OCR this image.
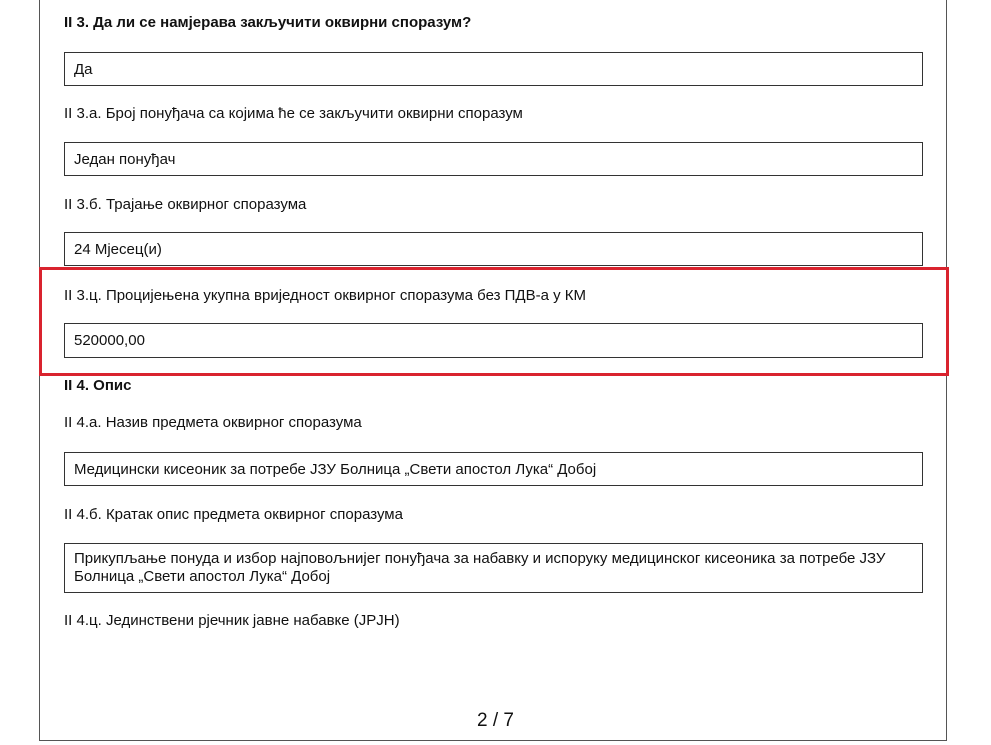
II 3. Да ли се намјерава закључити оквирни споразум?
Да
II 3.а. Број понуђача са којима ће се закључити оквирни споразум
Један понуђач
II 3.б. Трајање оквирног споразума
24 Мјесец(и)
II 3.ц. Процијењена укупна вриједност оквирног споразума без ПДВ-а у КМ
520000,00
II 4. Опис
II 4.а. Назив предмета оквирног споразума
Медицински кисеоник за потребе ЈЗУ Болница „Свети апостол Лука“ Добој
II 4.б. Кратак опис предмета оквирног споразума
Прикупљање понуда и избор најповољнијег понуђача за набавку и испоруку медицинског кисеоника за потребе ЈЗУ Болница „Свети апостол Лука“ Добој
II 4.ц. Јединствени рјечник јавне набавке (ЈРЈН)
2 / 7
